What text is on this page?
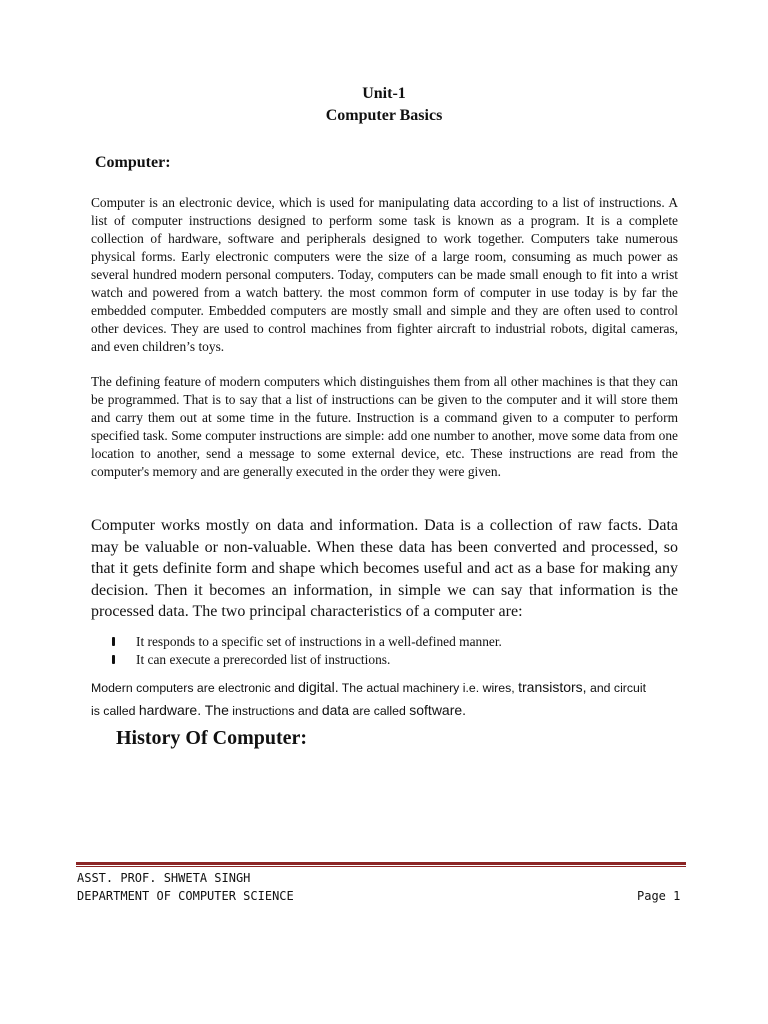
Unit-1
Computer Basics
Computer:

Computer is an electronic device, which is used for manipulating data according to a list of instructions. A list of computer instructions designed to perform some task is known as a program. It is a complete collection of hardware, software and peripherals designed to work together. Computers take numerous physical forms. Early electronic computers were the size of a large room, consuming as much power as several hundred modern personal computers. Today, computers can be made small enough to fit into a wrist watch and powered from a watch battery. the most common form of computer in use today is by far the embedded computer. Embedded computers are mostly small and simple and they are often used to control other devices. They are used to control machines from fighter aircraft to industrial robots, digital cameras, and even children’s toys.

The defining feature of modern computers which distinguishes them from all other machines is that they can be programmed. That is to say that a list of instructions can be given to the computer and it will store them and carry them out at some time in the future. Instruction is a command given to a computer to perform specified task. Some computer instructions are simple: add one number to another, move some data from one location to another, send a message to some external device, etc. These instructions are read from the computer's memory and are generally executed in the order they were given.

Computer works mostly on data and information. Data is a collection of raw facts. Data may be valuable or non-valuable. When these data has been converted and processed, so that it gets definite form and shape which becomes useful and act as a base for making any decision. Then it becomes an information, in simple we can say that information is the processed data. The two principal characteristics of a computer are:

It responds to a specific set of instructions in a well-defined manner.
It can execute a prerecorded list of instructions.

Modern computers are electronic and digital. The actual machinery i.e. wires, transistors, and circuit
is called hardware. The instructions and data are called software.

History Of Computer:
ASST. PROF. SHWETA SINGH
DEPARTMENT OF COMPUTER SCIENCE	Page 1
